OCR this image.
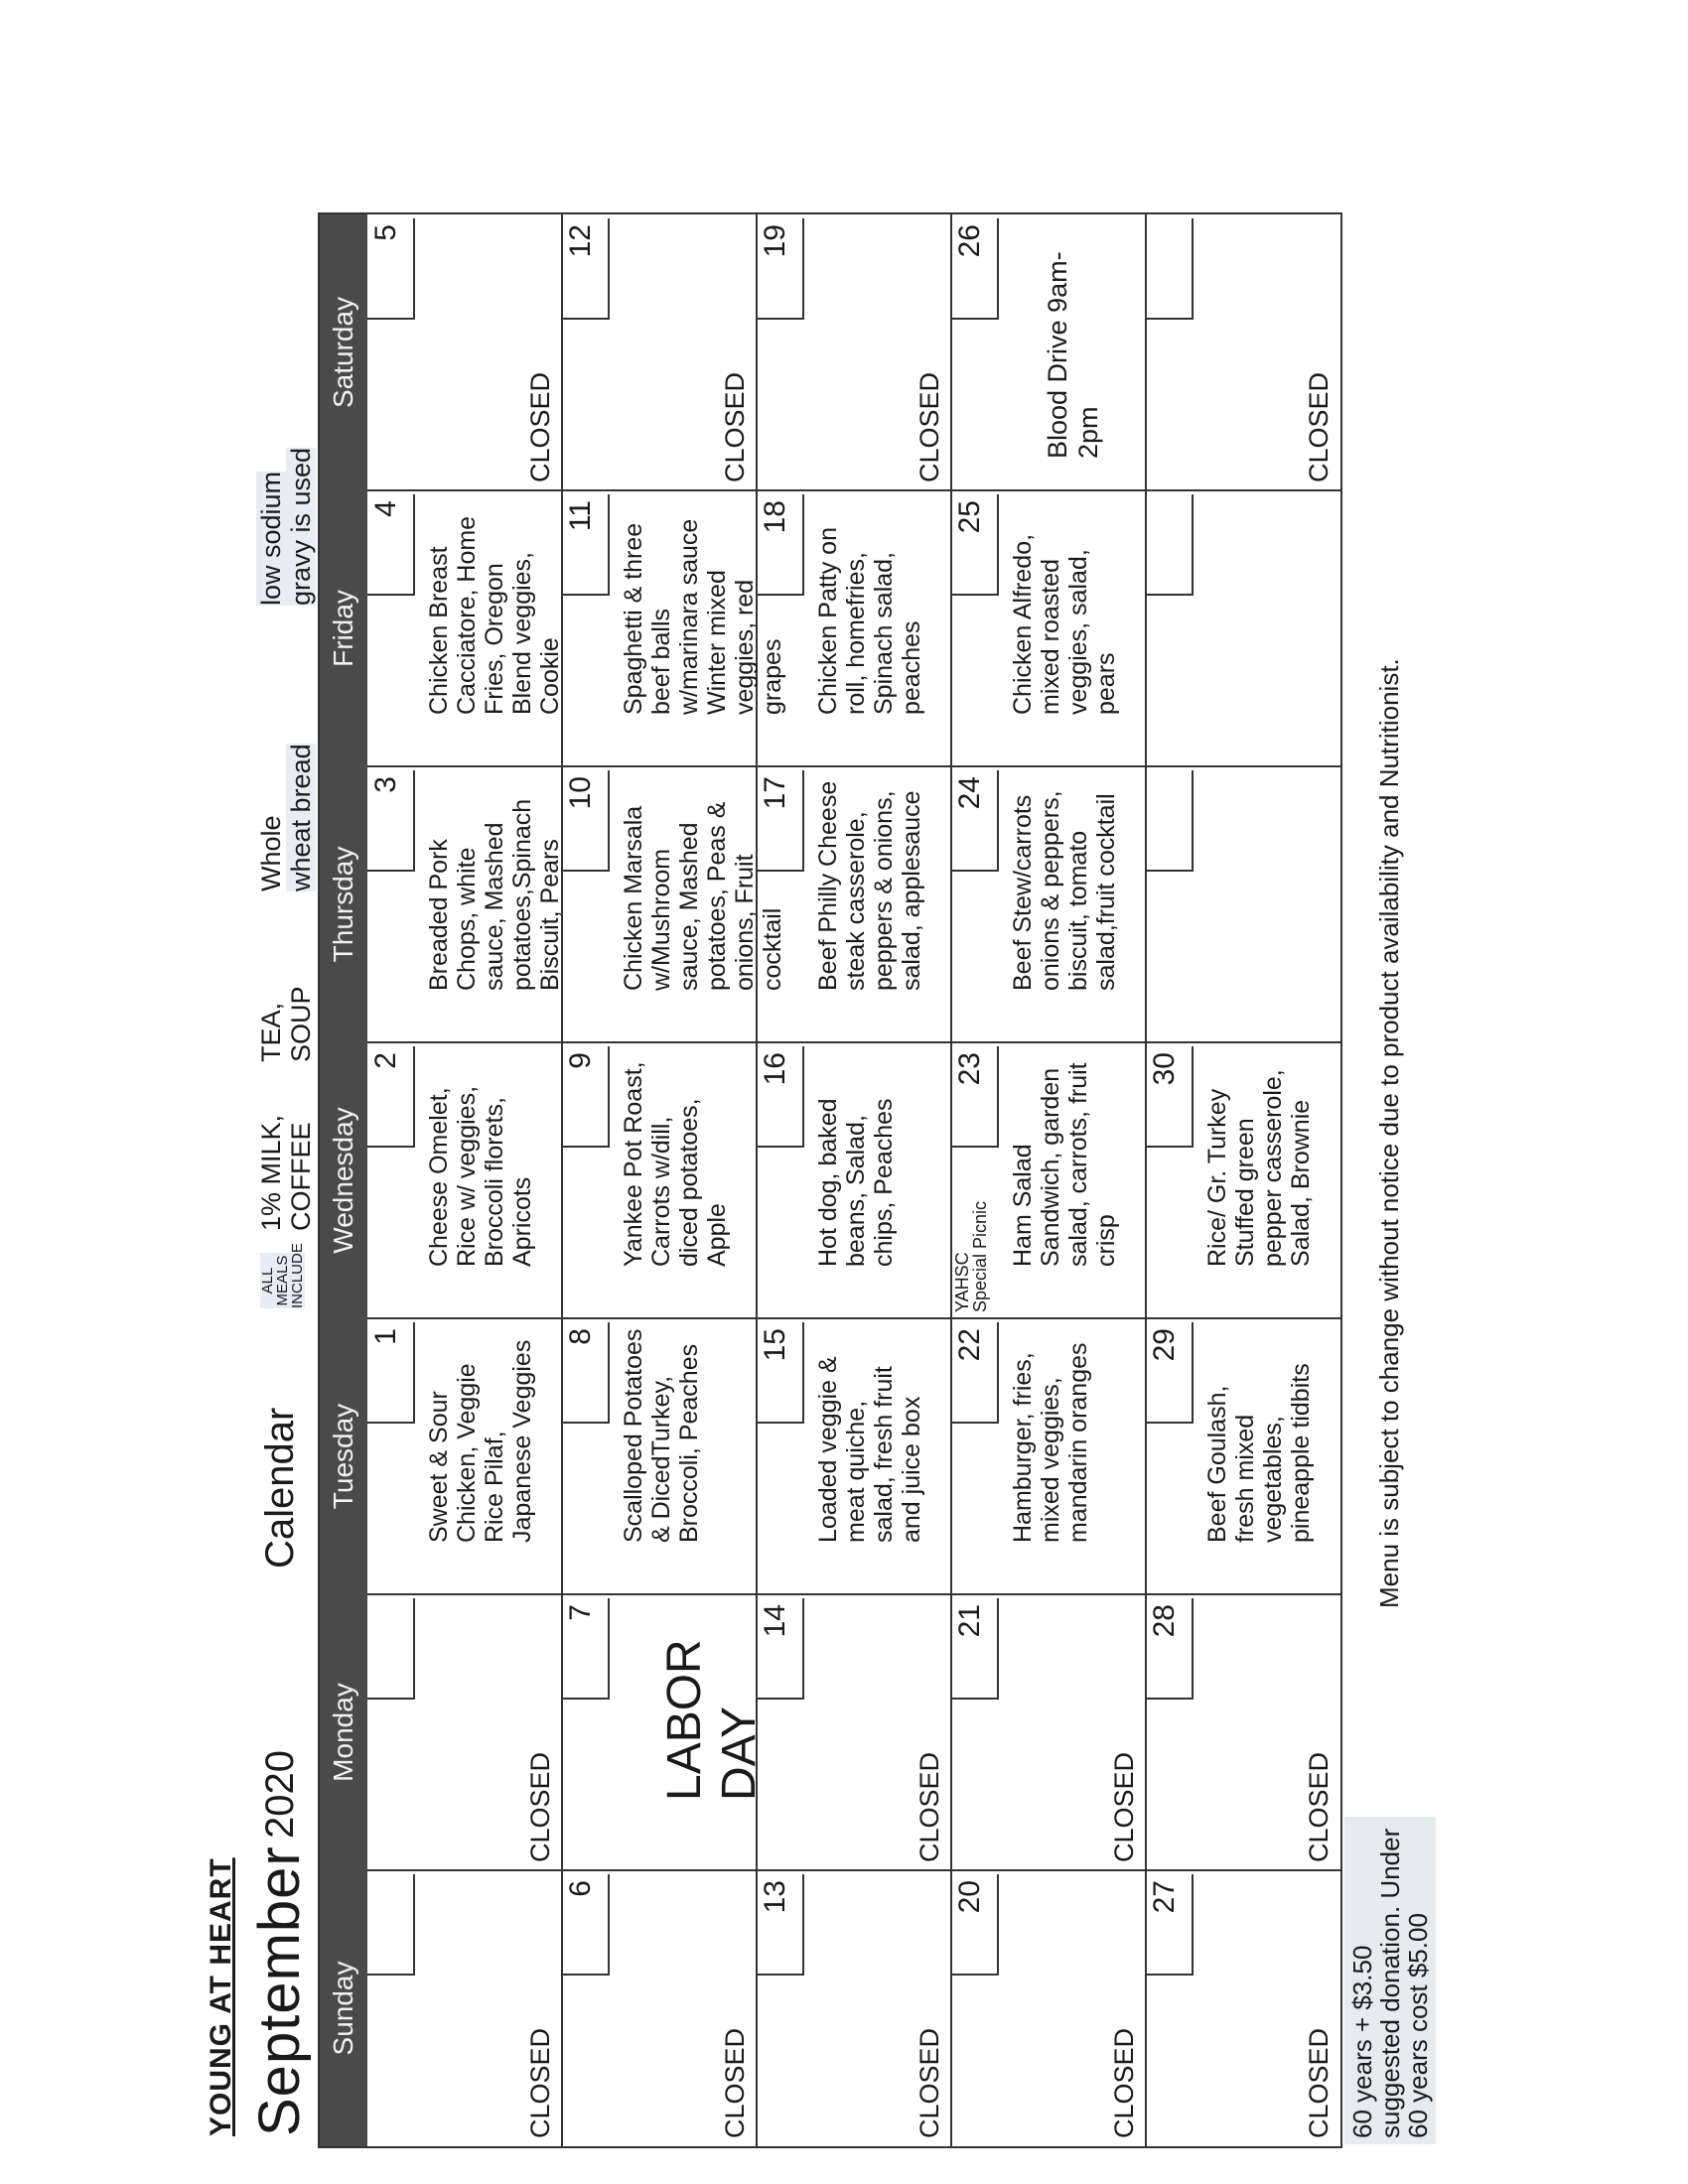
YOUNG AT HEART September
2020
Calendar
ALL MEALS INCLUDE
1% MILK, COFFEE
TEA, SOUP
Whole wheat bread
low sodium gravy is used
Sunday
Monday
Tuesday
Wednesday
Thursday
Friday
Saturday
CLOSED
CLOSED
1
Sweet & Sour Chicken, Veggie Rice Pilaf, Japanese Veggies
2
Cheese Omelet, Rice w/ veggies, Broccoli florets, Apricots
3
Breaded Pork Chops, white sauce, Mashed potatoes,Spinach Biscuit, Pears
4
Chicken Breast Cacciatore, Home Fries, Oregon Blend veggies, Cookie
5
CLOSED
6
CLOSED
7
LABOR DAY
8 Scalloped Potatoes & DicedTurkey, Broccoli, Peaches
9
Yankee Pot Roast, Carrots w/dill, diced potatoes, Apple
10
Chicken Marsala w/Mushroom sauce, Mashed potatoes, Peas & onions, Fruit cocktail
11
Spaghetti & three beef balls w/marinara sauce Winter mixed veggies, red grapes
12
CLOSED
13
CLOSED
14
CLOSED
15
Loaded veggie & meat quiche, salad, fresh fruit and juice box
16
Hot dog, baked beans, Salad, chips, Peaches
17 Beef Philly Cheese steak casserole, peppers & onions, salad, applesauce
18
Chicken Patty on roll, homefries, Spinach salad, peaches
19
CLOSED
20
CLOSED
21
CLOSED
22
Hamburger, fries, mixed veggies, mandarin oranges
23
YAHSC Special Picnic Ham Salad Sandwich, garden salad, carrots, fruit crisp
24
Beef Stew/carrots onions & peppers, biscuit, tomato salad,fruit cocktail
25
Chicken Alfredo, mixed roasted veggies, salad, pears
26
Blood Drive 9am-2pm
27
CLOSED
28
CLOSED
29
Beef Goulash, fresh mixed vegetables, pineapple tidbits
30
Rice/ Gr. Turkey Stuffed green pepper casserole, Salad, Brownie
CLOSED
60 years + $3.50 suggested donation. Under 60 years cost $5.00
Menu is subject to change without notice due to product availability and Nutritionist.
